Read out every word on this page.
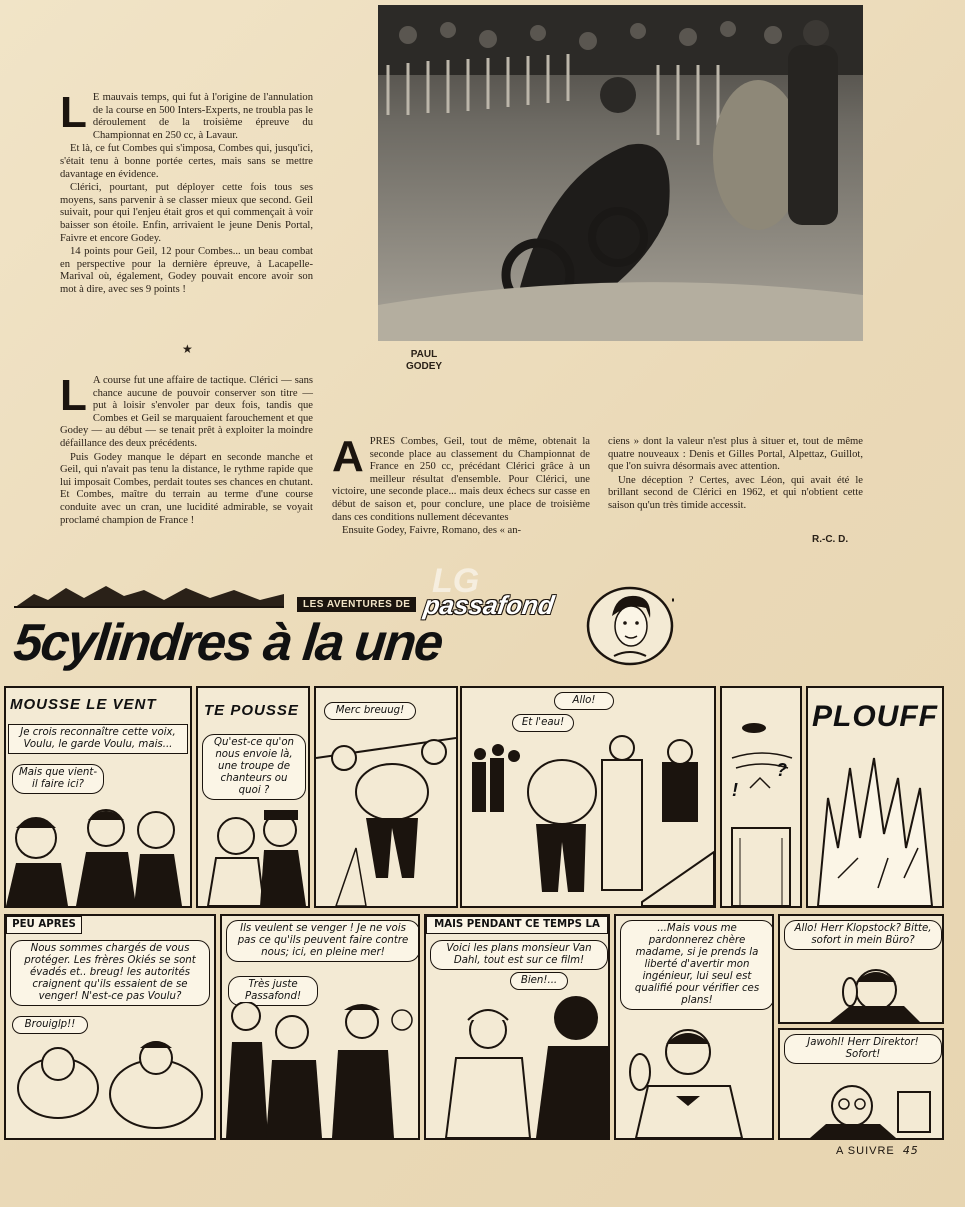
L E mauvais temps, qui fut à l'origine de l'annulation de la course en 500 Inters-Experts, ne troubla pas le déroulement de la troisième épreuve du Championnat en 250 cc, à Lavaur.

Et là, ce fut Combes qui s'imposa, Combes qui, jusqu'ici, s'était tenu à bonne portée certes, mais sans se mettre davantage en évidence.

Clérici, pourtant, put déployer cette fois tous ses moyens, sans parvenir à se classer mieux que second. Geil suivait, pour qui l'enjeu était gros et qui commençait à voir baisser son étoile. Enfin, arrivaient le jeune Denis Portal, Faivre et encore Godey.

14 points pour Geil, 12 pour Combes... un beau combat en perspective pour la dernière épreuve, à Lacapelle-Marival où, également, Godey pouvait encore avoir son mot à dire, avec ses 9 points !

★
L A course fut une affaire de tactique. Clérici — sans chance aucune de pouvoir conserver son titre — put à loisir s'envoler par deux fois, tandis que Combes et Geil se marquaient farouchement et que Godey — au début — se tenait prêt à exploiter la moindre défaillance des deux précédents.

Puis Godey manque le départ en seconde manche et Geil, qui n'avait pas tenu la distance, le rythme rapide que lui imposait Combes, perdait toutes ses chances en chutant. Et Combes, maître du terrain au terme d'une course conduite avec un cran, une lucidité admirable, se voyait proclamé champion de France !

PAUL
GODEY
A PRES Combes, Geil, tout de même, obtenait la seconde place au classement du Championnat de France en 250 cc, précédant Clérici grâce à un meilleur résultat d'ensemble. Pour Clérici, une victoire, une seconde place... mais deux échecs sur casse en début de saison et, pour conclure, une place de troisième dans ces conditions nullement décevantes

Ensuite Godey, Faivre, Romano, des « an-

ciens » dont la valeur n'est plus à situer et, tout de même quatre nouveaux : Denis et Gilles Portal, Alpettaz, Guillot, que l'on suivra désormais avec attention.

Une déception ? Certes, avec Léon, qui avait été le brillant second de Clérici en 1962, et qui n'obtient cette saison qu'un très timide accessit.

R.-C. D.
LES AVENTURES DE
LG
passafond
5cylindres à la une
MOUSSE LE VENT
Je crois reconnaître cette voix, Voulu, le garde Voulu, mais...
Mais que vient-il faire ici?
TE POUSSE
Qu'est-ce qu'on nous envoie là, une troupe de chanteurs ou quoi ?
Merc breuug!
Allo!
Et l'eau!
!
?
PLOUFF
PEU APRES
Nous sommes chargés de vous protéger. Les frères Okiés se sont évadés et.. breug! les autorités craignent qu'ils essaient de se venger! N'est-ce pas Voulu?
Brouiglp!!
Ils veulent se venger ! Je ne vois pas ce qu'ils peuvent faire contre nous; ici, en pleine mer!
Très juste Passafond!
MAIS PENDANT CE TEMPS LA
Voici les plans monsieur Van Dahl, tout est sur ce film!
Bien!...
...Mais vous me pardonnerez chère madame, si je prends la liberté d'avertir mon ingénieur, lui seul est qualifié pour vérifier ces plans!
Allo! Herr Klopstock? Bitte, sofort in mein Büro?
Jawohl! Herr Direktor! Sofort!
A SUIVRE 45
